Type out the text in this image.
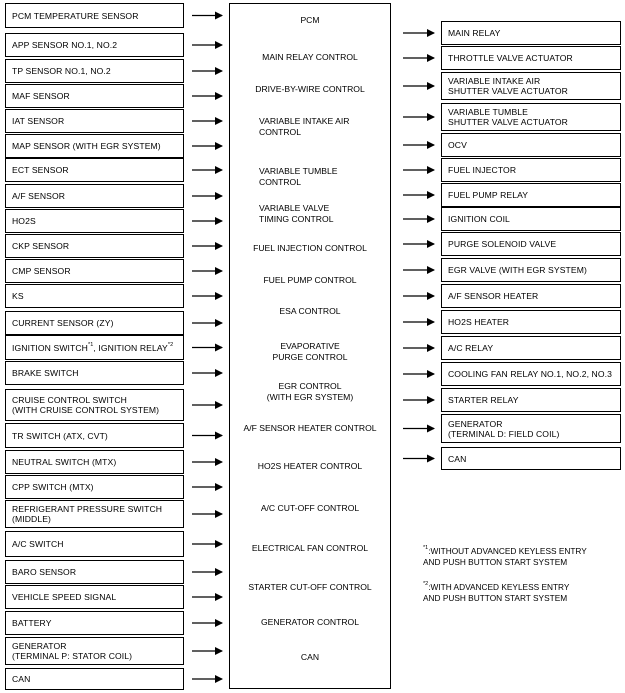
PCM
PCM TEMPERATURE SENSOR
APP SENSOR NO.1, NO.2
TP SENSOR NO.1, NO.2
MAF SENSOR
IAT SENSOR
MAP SENSOR (WITH EGR SYSTEM)
ECT SENSOR
A/F SENSOR
HO2S
CKP SENSOR
CMP SENSOR
KS
CURRENT SENSOR (ZY)
IGNITION SWITCH$^{*1}$, IGNITION RELAY$^{*2}$
BRAKE SWITCH
CRUISE CONTROL SWITCH
(WITH CRUISE CONTROL SYSTEM)
TR SWITCH (ATX, CVT)
NEUTRAL SWITCH (MTX)
CPP SWITCH (MTX)
REFRIGERANT PRESSURE SWITCH
(MIDDLE)
A/C SWITCH
BARO SENSOR
VEHICLE SPEED SIGNAL
BATTERY
GENERATOR
(TERMINAL P: STATOR COIL)
CAN
MAIN RELAY CONTROL
DRIVE-BY-WIRE CONTROL
VARIABLE INTAKE AIR
CONTROL
VARIABLE TUMBLE
CONTROL
VARIABLE VALVE
TIMING CONTROL
FUEL INJECTION CONTROL
FUEL PUMP CONTROL
ESA CONTROL
EVAPORATIVE
PURGE CONTROL
EGR CONTROL
(WITH EGR SYSTEM)
A/F SENSOR HEATER CONTROL
HO2S HEATER CONTROL
A/C CUT-OFF CONTROL
ELECTRICAL FAN CONTROL
STARTER CUT-OFF CONTROL
GENERATOR CONTROL
CAN
MAIN RELAY
THROTTLE VALVE ACTUATOR
VARIABLE INTAKE AIR
SHUTTER VALVE ACTUATOR
VARIABLE TUMBLE
SHUTTER VALVE ACTUATOR
OCV
FUEL INJECTOR
FUEL PUMP RELAY
IGNITION COIL
PURGE SOLENOID VALVE
EGR VALVE (WITH EGR SYSTEM)
A/F SENSOR HEATER
HO2S HEATER
A/C RELAY
COOLING FAN RELAY NO.1, NO.2, NO.3
STARTER RELAY
GENERATOR
(TERMINAL D: FIELD COIL)
CAN
$^{*1}$:WITHOUT ADVANCED KEYLESS ENTRY
AND PUSH BUTTON START SYSTEM
$^{*2}$:WITH ADVANCED KEYLESS ENTRY
AND PUSH BUTTON START SYSTEM
